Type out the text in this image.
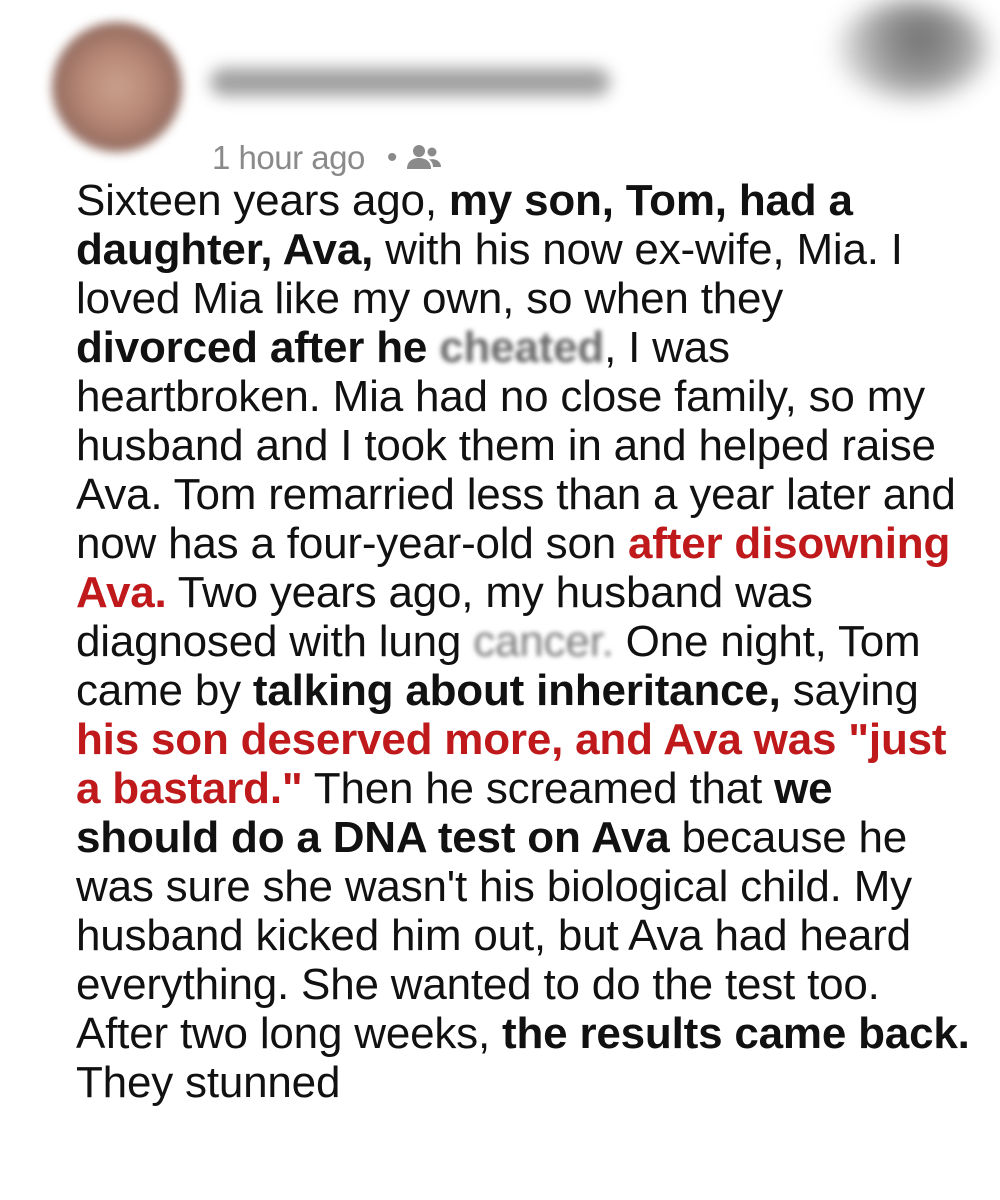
1 hour ago •

Sixteen years ago, my son, Tom, had a daughter, Ava, with his now ex-wife, Mia. I loved Mia like my own, so when they divorced after he cheated, I was heartbroken. Mia had no close family, so my husband and I took them in and helped raise Ava. Tom remarried less than a year later and now has a four-year-old son after disowning Ava. Two years ago, my husband was diagnosed with lung cancer. One night, Tom came by talking about inheritance, saying his son deserved more, and Ava was "just a bastard." Then he screamed that we should do a DNA test on Ava because he was sure she wasn't his biological child. My husband kicked him out, but Ava had heard everything. She wanted to do the test too. After two long weeks, the results came back. They stunned
